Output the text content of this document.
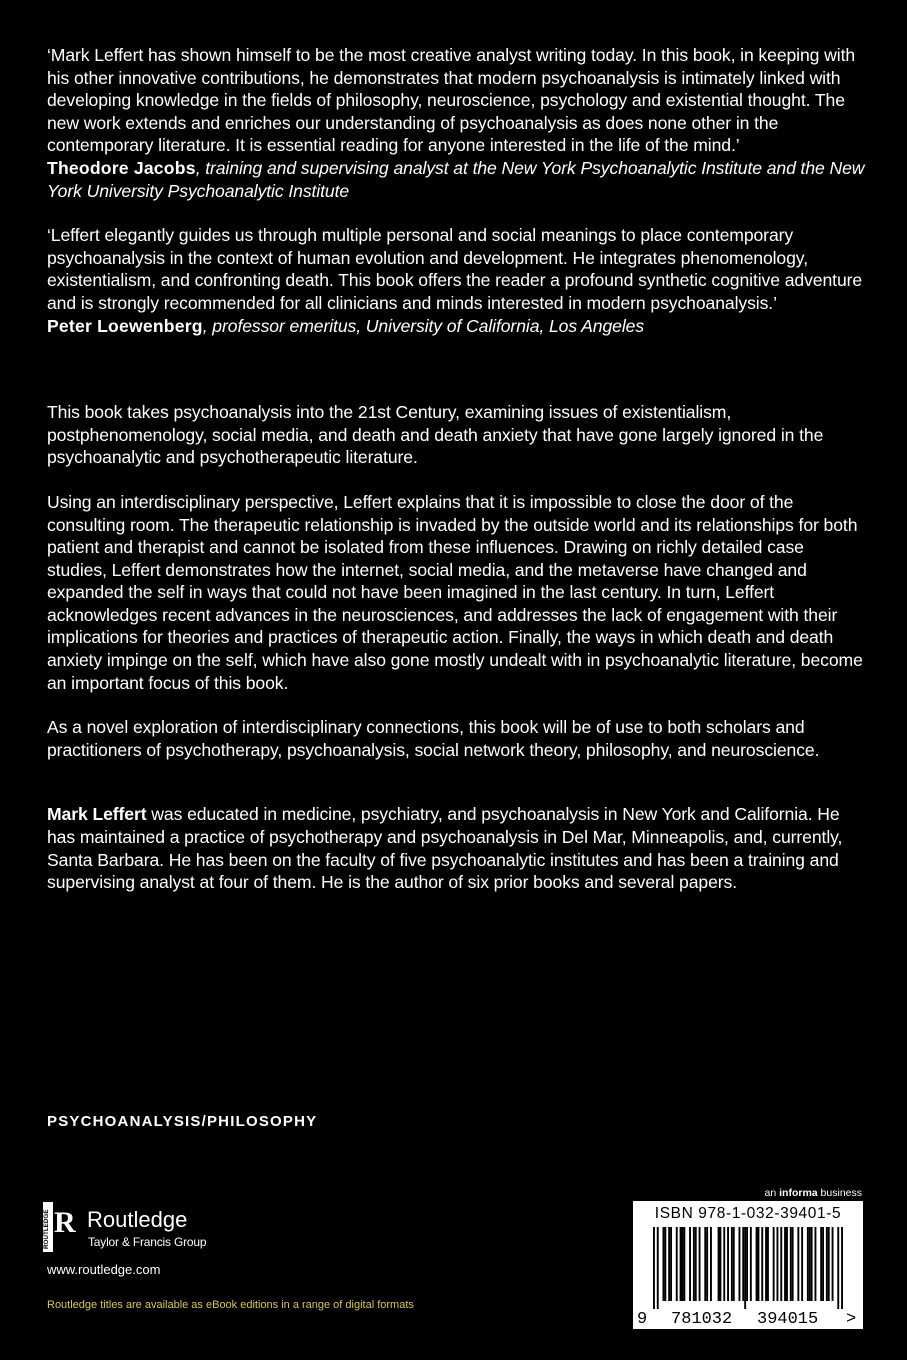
‘Mark Leffert has shown himself to be the most creative analyst writing today. In this book, in keeping with his other innovative contributions, he demonstrates that modern psychoanalysis is intimately linked with developing knowledge in the fields of philosophy, neuroscience, psychology and existential thought. The new work extends and enriches our understanding of psychoanalysis as does none other in the contemporary literature. It is essential reading for anyone interested in the life of the mind.’

Theodore Jacobs, training and supervising analyst at the New York Psychoanalytic Institute and the New York University Psychoanalytic Institute

‘Leffert elegantly guides us through multiple personal and social meanings to place contemporary psychoanalysis in the context of human evolution and development. He integrates phenomenology, existentialism, and confronting death. This book offers the reader a profound synthetic cognitive adventure and is strongly recommended for all clinicians and minds interested in modern psychoanalysis.’

Peter Loewenberg, professor emeritus, University of California, Los Angeles

This book takes psychoanalysis into the 21st Century, examining issues of existentialism, postphenomenology, social media, and death and death anxiety that have gone largely ignored in the psychoanalytic and psychotherapeutic literature.

Using an interdisciplinary perspective, Leffert explains that it is impossible to close the door of the consulting room. The therapeutic relationship is invaded by the outside world and its relationships for both patient and therapist and cannot be isolated from these influences. Drawing on richly detailed case studies, Leffert demonstrates how the internet, social media, and the metaverse have changed and expanded the self in ways that could not have been imagined in the last century. In turn, Leffert acknowledges recent advances in the neurosciences, and addresses the lack of engagement with their implications for theories and practices of therapeutic action. Finally, the ways in which death and death anxiety impinge on the self, which have also gone mostly undealt with in psychoanalytic literature, become an important focus of this book.

As a novel exploration of interdisciplinary connections, this book will be of use to both scholars and practitioners of psychotherapy, psychoanalysis, social network theory, philosophy, and neuroscience.

Mark Leffert was educated in medicine, psychiatry, and psychoanalysis in New York and California. He has maintained a practice of psychotherapy and psychoanalysis in Del Mar, Minneapolis, and, currently, Santa Barbara. He has been on the faculty of five psychoanalytic institutes and has been a training and supervising analyst at four of them. He is the author of six prior books and several papers.

PSYCHOANALYSIS/PHILOSOPHY
ROUTLEDGE R Routledge
Taylor & Francis Group
www.routledge.com
Routledge titles are available as eBook editions in a range of digital formats
an informa business
ISBN 978-1-032-39401-5
9 781032 394015 >
